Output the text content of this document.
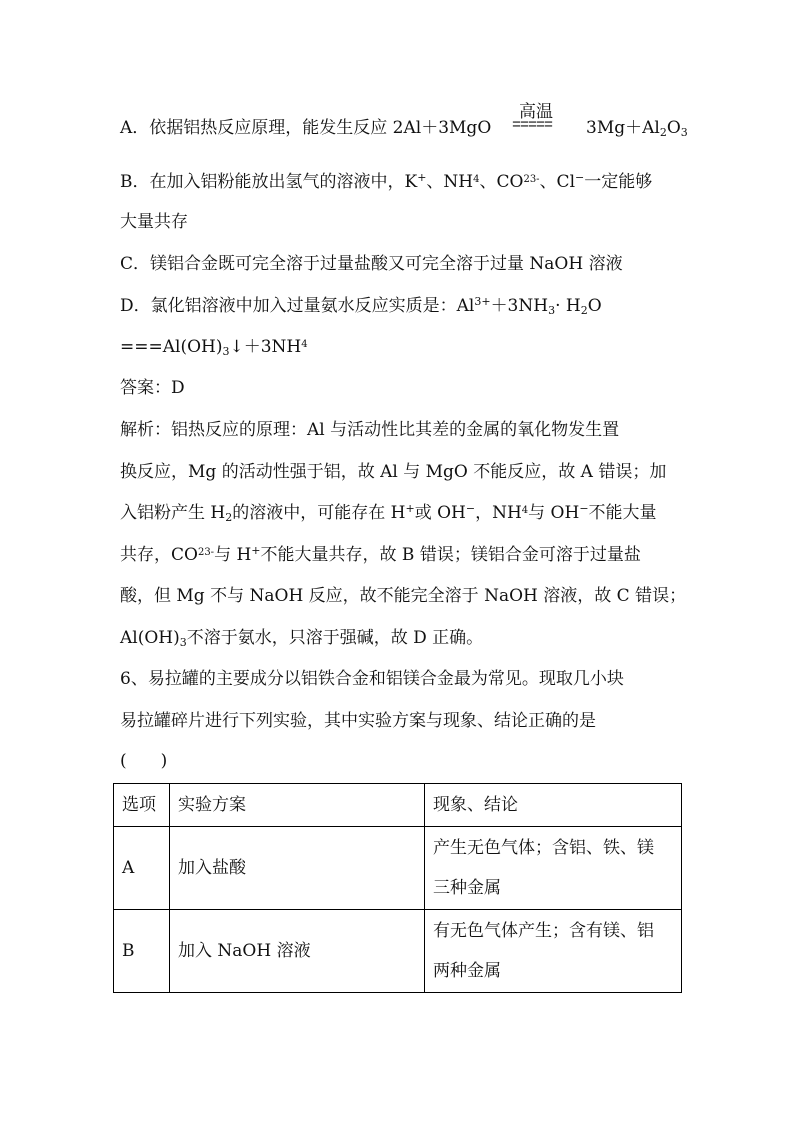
A．依据铝热反应原理，能发生反应 2Al＋3MgO
高温
===== $3Mg+Al_2O_3$
B．在加入铝粉能放出氢气的溶液中，K+、$NH^4$、$CO^{23-}$、Cl−一定能够
大量共存
C．镁铝合金既可完全溶于过量盐酸又可完全溶于过量 NaOH 溶液
D．氯化铝溶液中加入过量氨水反应实质是：$Al^{3+}+3NH_3\cdot H_2O$
$===Al(OH)_3↓+3NH^4$
答案：D
解析：铝热反应的原理：Al 与活动性比其差的金属的氧化物发生置
换反应，Mg 的活动性强于铝，故 Al 与 MgO 不能反应，故 A 错误；加
入铝粉产生 $H_2$的溶液中，可能存在 H+或 OH−，$NH^4$与 OH−不能大量
共存，$CO^{23-}$与 H+不能大量共存，故 B 错误；镁铝合金可溶于过量盐
酸，但 Mg 不与 NaOH 反应，故不能完全溶于 NaOH 溶液，故 C 错误；
$Al(OH)_3$不溶于氨水，只溶于强碱，故 D 正确。
6、易拉罐的主要成分以铝铁合金和铝镁合金最为常见。现取几小块
易拉罐碎片进行下列实验，其中实验方案与现象、结论正确的是
(　　)
选项	实验方案	现象、结论
A	加入盐酸	产生无色气体；含铝、铁、镁
三种金属

B	加入 NaOH 溶液	有无色气体产生；含有镁、铝
两种金属
